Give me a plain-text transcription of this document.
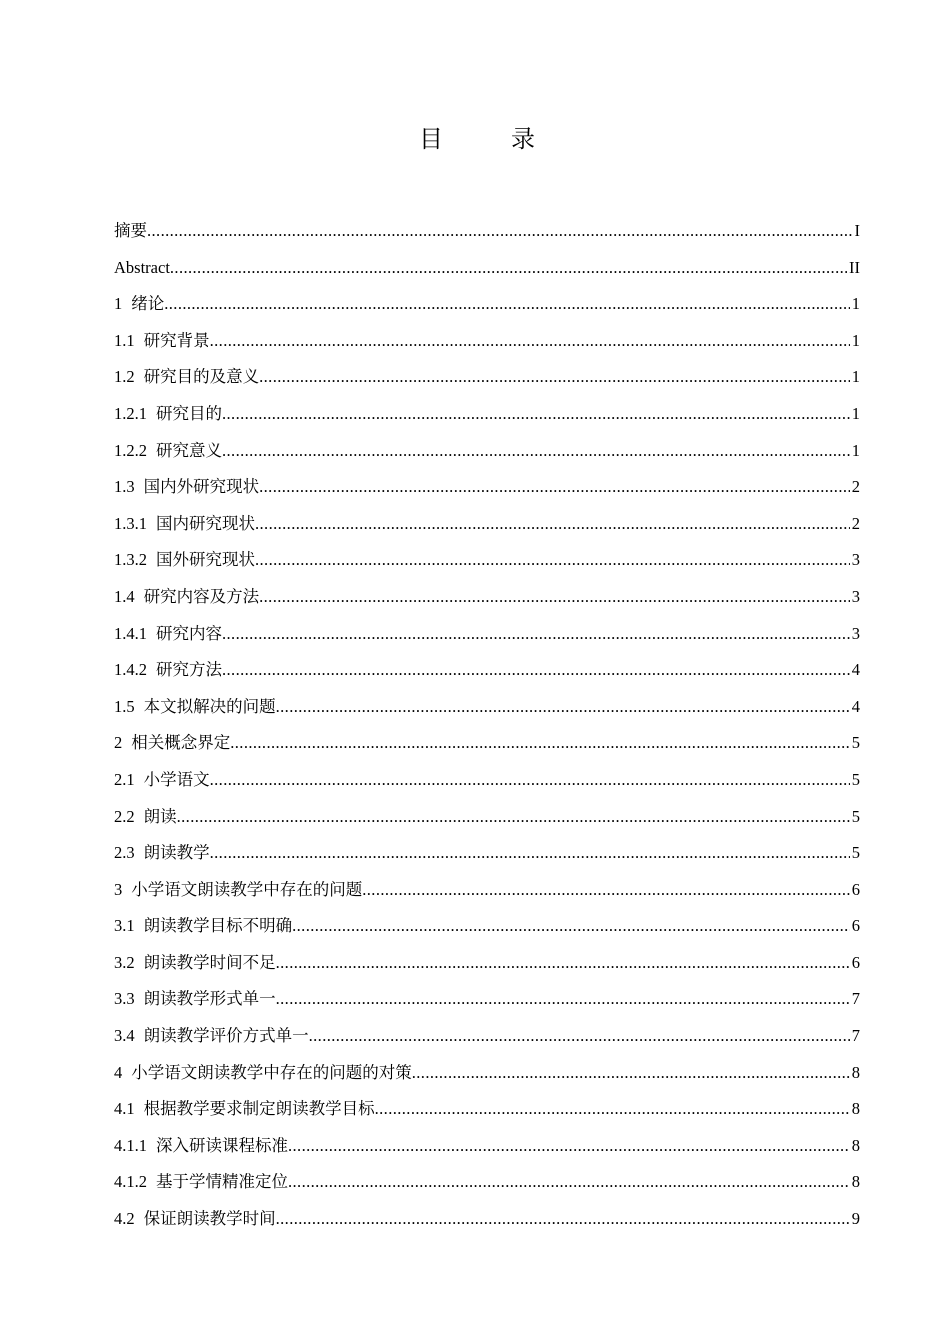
目　录
摘要 .....	I
Abstract .....	II
1 绪论 .....	1
1.1 研究背景 .....	1
1.2 研究目的及意义 .....	1
1.2.1 研究目的 .....	1
1.2.2 研究意义 .....	1
1.3 国内外研究现状 .....	2
1.3.1 国内研究现状 .....	2
1.3.2 国外研究现状 .....	3
1.4 研究内容及方法 .....	3
1.4.1 研究内容 .....	3
1.4.2 研究方法 .....	4
1.5 本文拟解决的问题 .....	4
2 相关概念界定 .....	5
2.1 小学语文 .....	5
2.2 朗读 .....	5
2.3 朗读教学 .....	5
3 小学语文朗读教学中存在的问题 .....	6
3.1 朗读教学目标不明确 .....	6
3.2 朗读教学时间不足 .....	6
3.3 朗读教学形式单一 .....	7
3.4 朗读教学评价方式单一 .....	7
4 小学语文朗读教学中存在的问题的对策 .....	8
4.1 根据教学要求制定朗读教学目标 .....	8
4.1.1 深入研读课程标准 .....	8
4.1.2 基于学情精准定位 .....	8
4.2 保证朗读教学时间 .....	9
